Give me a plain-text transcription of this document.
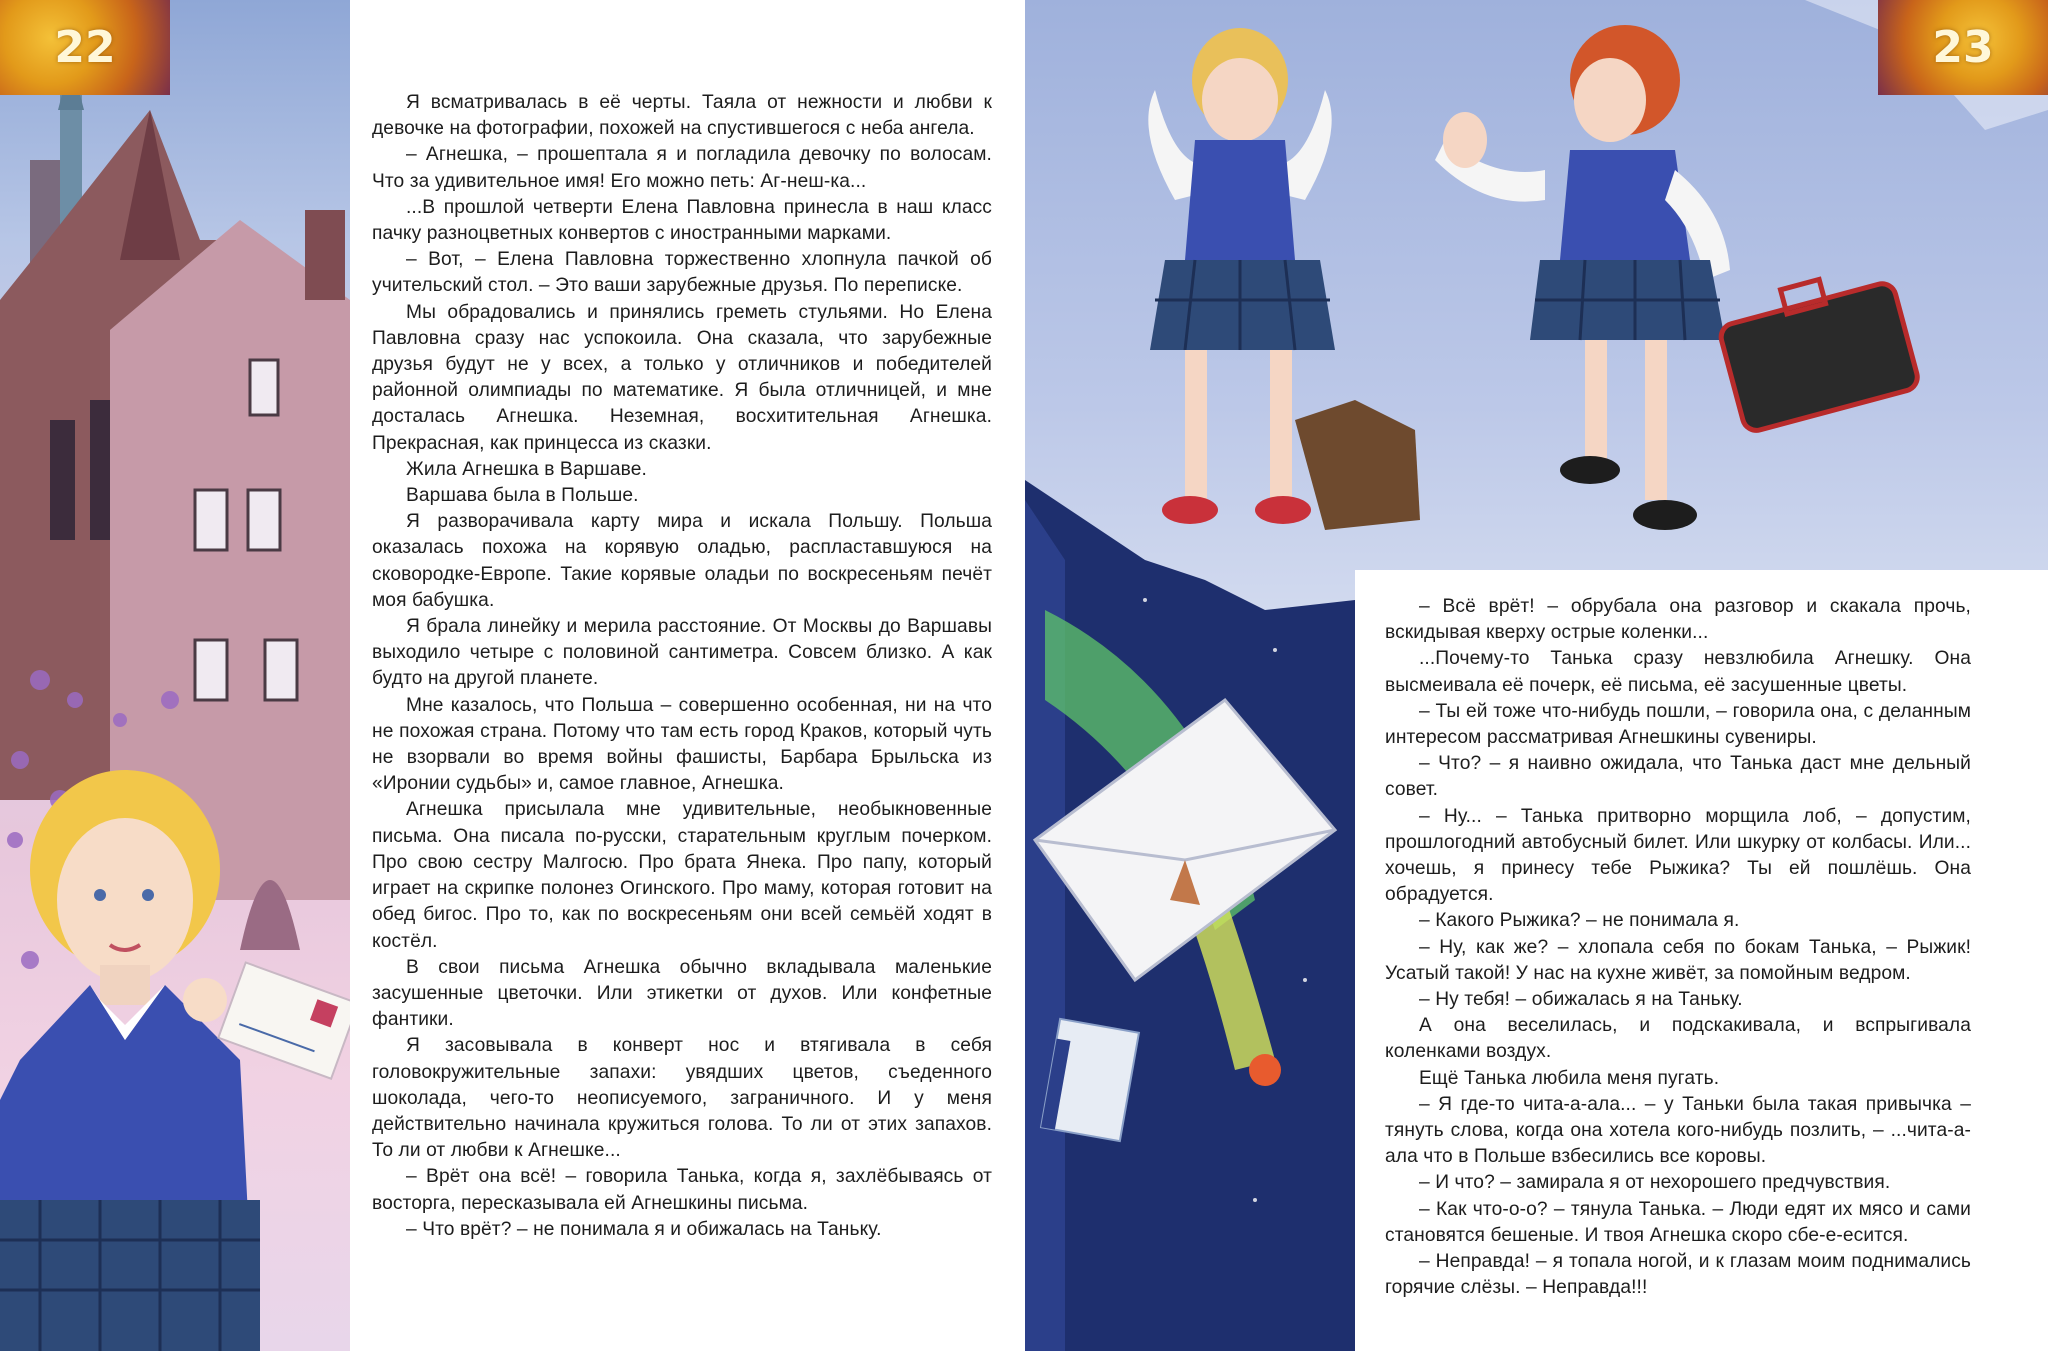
22

Я всматривалась в её черты. Таяла от нежности и любви к девочке на фотографии, похожей на спустившегося с неба ангела.

– Агнешка, – прошептала я и погладила девочку по волосам. Что за удивительное имя! Его можно петь: Аг-неш-ка...

...В прошлой четверти Елена Павловна принесла в наш класс пачку разноцветных конвертов с иностранными марками.

– Вот, – Елена Павловна торжественно хлопнула пачкой об учительский стол. – Это ваши зарубежные друзья. По переписке.

Мы обрадовались и принялись греметь стульями. Но Елена Павловна сразу нас успокоила. Она сказала, что зарубежные друзья будут не у всех, а только у отличников и победителей районной олимпиады по математике. Я была отличницей, и мне досталась Агнешка. Неземная, восхитительная Агнешка. Прекрасная, как принцесса из сказки.

Жила Агнешка в Варшаве.

Варшава была в Польше.

Я разворачивала карту мира и искала Польшу. Польша оказалась похожа на корявую оладью, распластавшуюся на сковородке-Европе. Такие корявые оладьи по воскресеньям печёт моя бабушка.

Я брала линейку и мерила расстояние. От Москвы до Варшавы выходило четыре с половиной сантиметра. Совсем близко. А как будто на другой планете.

Мне казалось, что Польша – совершенно особенная, ни на что не похожая страна. Потому что там есть город Краков, который чуть не взорвали во время войны фашисты, Барбара Брыльска из «Иронии судьбы» и, самое главное, Агнешка.

Агнешка присылала мне удивительные, необыкновенные письма. Она писала по-русски, старательным круглым почерком. Про свою сестру Малгосю. Про брата Янека. Про папу, который играет на скрипке полонез Огинского. Про маму, которая готовит на обед бигос. Про то, как по воскресеньям они всей семьёй ходят в костёл.

В свои письма Агнешка обычно вкладывала маленькие засушенные цветочки. Или этикетки от духов. Или конфетные фантики.

Я засовывала в конверт нос и втягивала в себя головокружительные запахи: увядших цветов, съеденного шоколада, чего-то неописуемого, заграничного. И у меня действительно начинала кружиться голова. То ли от этих запахов. То ли от любви к Агнешке...

– Врёт она всё! – говорила Танька, когда я, захлёбываясь от восторга, пересказывала ей Агнешкины письма.

– Что врёт? – не понимала я и обижалась на Таньку.

23

– Всё врёт! – обрубала она разговор и скакала прочь, вскидывая кверху острые коленки...

...Почему-то Танька сразу невзлюбила Агнешку. Она высмеивала её почерк, её письма, её засушенные цветы.

– Ты ей тоже что-нибудь пошли, – говорила она, с деланным интересом рассматривая Агнешкины сувениры.

– Что? – я наивно ожидала, что Танька даст мне дельный совет.

– Ну... – Танька притворно морщила лоб, – допустим, прошлогодний автобусный билет. Или шкурку от колбасы. Или... хочешь, я принесу тебе Рыжика? Ты ей пошлёшь. Она обрадуется.

– Какого Рыжика? – не понимала я.

– Ну, как же? – хлопала себя по бокам Танька, – Рыжик! Усатый такой! У нас на кухне живёт, за помойным ведром.

– Ну тебя! – обижалась я на Таньку.

А она веселилась, и подскакивала, и вспрыгивала коленками воздух.

Ещё Танька любила меня пугать.

– Я где-то чита-а-ала... – у Таньки была такая привычка – тянуть слова, когда она хотела кого-нибудь позлить, – ...чита-а-ала что в Польше взбесились все коровы.

– И что? – замирала я от нехорошего предчувствия.

– Как что-о-о? – тянула Танька. – Люди едят их мясо и сами становятся бешеные. И твоя Агнешка скоро сбе-е-есится.

– Неправда! – я топала ногой, и к глазам моим поднимались горячие слёзы. – Неправда!!!
